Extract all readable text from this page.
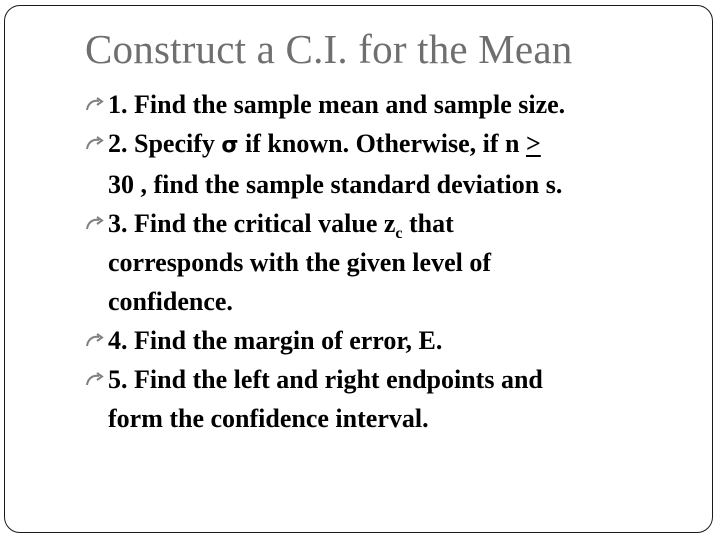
Construct a C.I. for the Mean
1. Find the sample mean and sample size.
2. Specify σ if known. Otherwise, if n >
30 , find the sample standard deviation s.
3. Find the critical value $z_c$ that
corresponds with the given level of
confidence.
4. Find the margin of error, E.
5. Find the left and right endpoints and
form the confidence interval.
